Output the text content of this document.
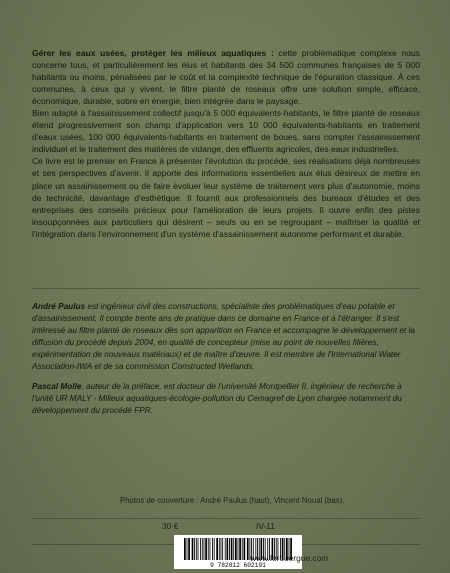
Gérer les eaux usées, protéger les milieux aquatiques : cette problématique complexe nous concerne tous, et particulièrement les élus et habitants des 34 500 communes françaises de 5 000 habitants ou moins, pénalisées par le coût et la complexité technique de l'épuration classique. À ces communes, à ceux qui y vivent, le filtre planté de roseaux offre une solution simple, efficace, économique, durable, sobre en énergie, bien intégrée dans le paysage.

Bien adapté à l'assainissement collectif jusqu'à 5 000 équivalents-habitants, le filtre planté de roseaux étend progressivement son champ d'application vers 10 000 équivalents-habitants en traitement d'eaux usées, 100 000 équivalents-habitants en traitement de boues, sans compter l'assainissement individuel et le traitement des matières de vidange, des effluents agricoles, des eaux industrielles.

Ce livre est le premier en France à présenter l'évolution du procédé, ses réalisations déjà nombreuses et ses perspectives d'avenir. Il apporte des informations essentielles aux élus désireux de mettre en place un assainissement ou de faire évoluer leur système de traitement vers plus d'autonomie, moins de technicité, davantage d'esthétique. Il fournit aux professionnels des bureaux d'études et des entreprises des conseils précieux pour l'amélioration de leurs projets. Il ouvre enfin des pistes insoupçonnées aux particuliers qui désirent – seuls ou en se regroupant – maîtriser la qualité et l'intégration dans l'environnement d'un système d'assainissement autonome performant et durable.

André Paulus est ingénieur civil des constructions, spécialiste des problématiques d'eau potable et d'assainissement. Il compte trente ans de pratique dans ce domaine en France et à l'étranger. Il s'est intéressé au filtre planté de roseaux dès son apparition en France et accompagne le développement et la diffusion du procédé depuis 2004, en qualité de concepteur (mise au point de nouvelles filières, expérimentation de nouveaux matériaux) et de maître d'œuvre. Il est membre de l'International Water Association-IWA et de sa commission Constructed Wetlands.

Pascal Molle, auteur de la préface, est docteur de l'université Montpellier II, ingénieur de recherche à l'unité UR MALY - Milieux aquatiques-écologie-pollution du Cemagref de Lyon chargée notamment du développement du procédé FPR.

Photos de couverture : André Paulus (haut), Vincent Noual (bas).
30 €	IV-11
9 782812 602191
www.lerouergue.com
